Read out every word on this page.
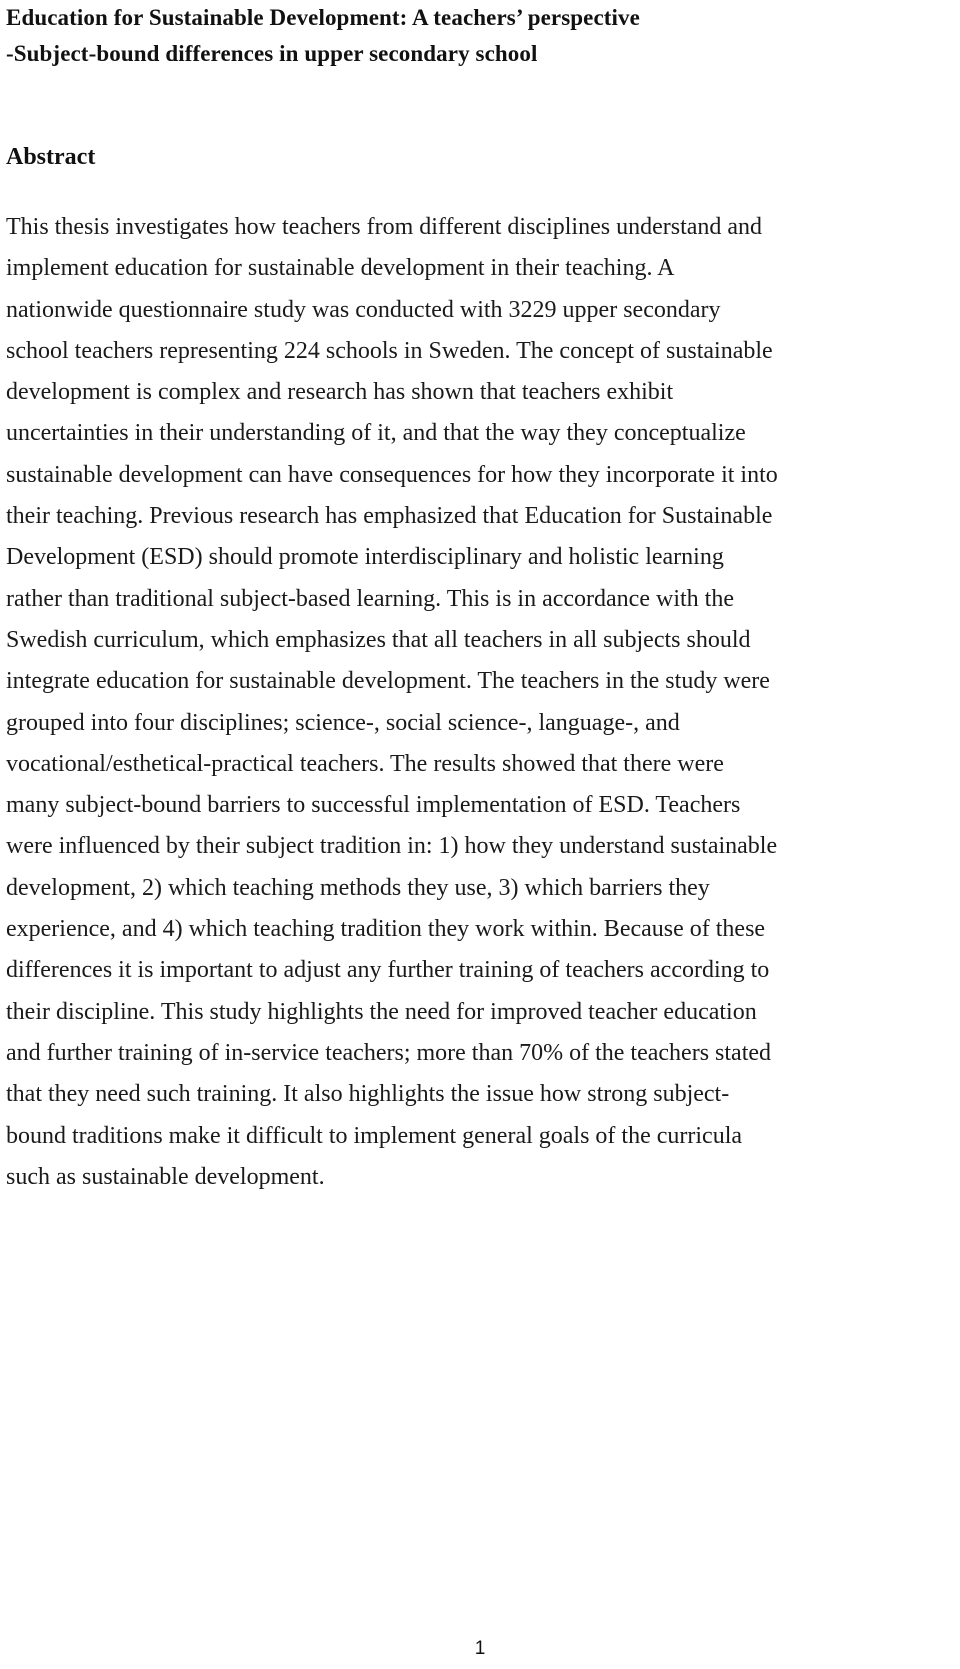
Education for Sustainable Development: A teachers’ perspective
-Subject-bound differences in upper secondary school
Abstract
This thesis investigates how teachers from different disciplines understand and
implement education for sustainable development in their teaching. A
nationwide questionnaire study was conducted with 3229 upper secondary
school teachers representing 224 schools in Sweden. The concept of sustainable
development is complex and research has shown that teachers exhibit
uncertainties in their understanding of it, and that the way they conceptualize
sustainable development can have consequences for how they incorporate it into
their teaching. Previous research has emphasized that Education for Sustainable
Development (ESD) should promote interdisciplinary and holistic learning
rather than traditional subject-based learning. This is in accordance with the
Swedish curriculum, which emphasizes that all teachers in all subjects should
integrate education for sustainable development. The teachers in the study were
grouped into four disciplines; science-, social science-, language-, and
vocational/esthetical-practical teachers. The results showed that there were
many subject-bound barriers to successful implementation of ESD. Teachers
were influenced by their subject tradition in: 1) how they understand sustainable
development, 2) which teaching methods they use, 3) which barriers they
experience, and 4) which teaching tradition they work within. Because of these
differences it is important to adjust any further training of teachers according to
their discipline. This study highlights the need for improved teacher education
and further training of in-service teachers; more than 70% of the teachers stated
that they need such training. It also highlights the issue how strong subject-
bound traditions make it difficult to implement general goals of the curricula
such as sustainable development.
1
